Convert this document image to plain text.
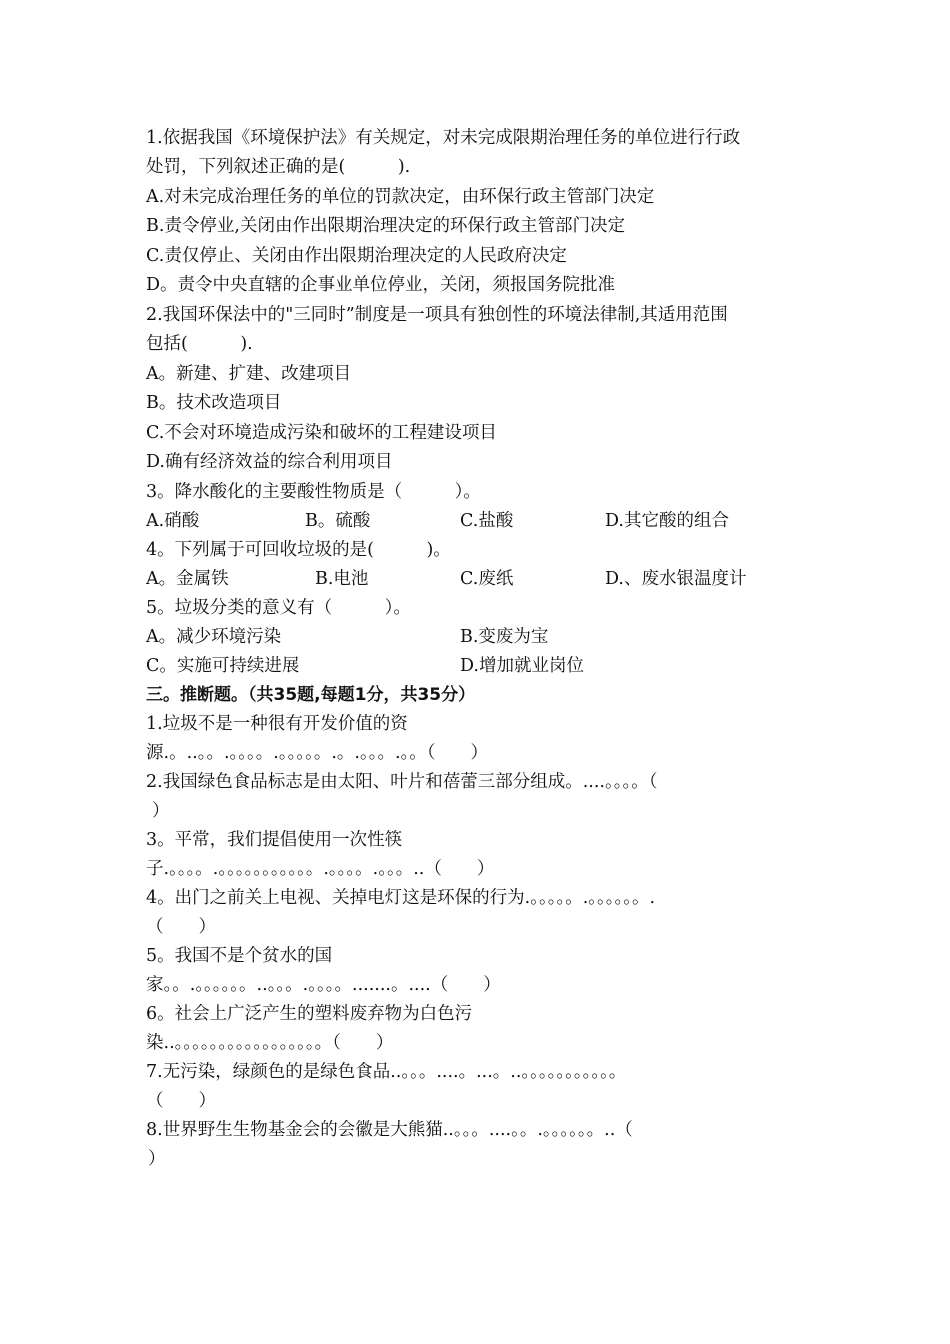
1.依据我国《环境保护法》有关规定，对未完成限期治理任务的单位进行行政
处罚，下列叙述正确的是(　　　).
A.对未完成治理任务的单位的罚款决定，由环保行政主管部门决定
B.责令停业,关闭由作出限期治理决定的环保行政主管部门决定
C.责仅停止、关闭由作出限期治理决定的人民政府决定
D。责令中央直辖的企事业单位停业，关闭，须报国务院批准
2.我国环保法中的"三同时”制度是一项具有独创性的环境法律制,其适用范围
包括(　　　).
A。新建、扩建、改建项目
B。技术改造项目
C.不会对环境造成污染和破坏的工程建设项目
D.确有经济效益的综合利用项目
3。降水酸化的主要酸性物质是（　　　）。
A.硝酸	B。硫酸	C.盐酸	D.其它酸的组合
4。下列属于可回收垃圾的是(　　　)。
A。金属铁	B.电池	C.废纸	D.、废水银温度计
5。垃圾分类的意义有（　　　）。
A。减少环境污染	B.变废为宝
C。实施可持续进展	D.增加就业岗位
三。推断题。（共35题,每题1分，共35分）
1.垃圾不是一种很有开发价值的资
源.。..。。.。。。。.。。。。。.。.。。。.。。（　　）
2.我国绿色食品标志是由太阳、叶片和蓓蕾三部分组成。....。。。。（
）
3。平常，我们提倡使用一次性筷
子.。。。。.。。。。。。。。。。。.。。。。.。。。..（　　）
4。出门之前关上电视、关掉电灯这是环保的行为.。。。。。.。。。。。。.
（　　）
5。我国不是个贫水的国
家。。.。。。。。。..。。。.。。。。.......。....（　　）
6。社会上广泛产生的塑料废弃物为白色污
染..。。。。。。。。。。。。。。。。。（　　）
7.无污染，绿颜色的是绿色食品..。。。....。...。..。。。。。。。。。。。
（　　）
8.世界野生生物基金会的会徽是大熊猫..。。。....。。.。。。。。。..（
）
